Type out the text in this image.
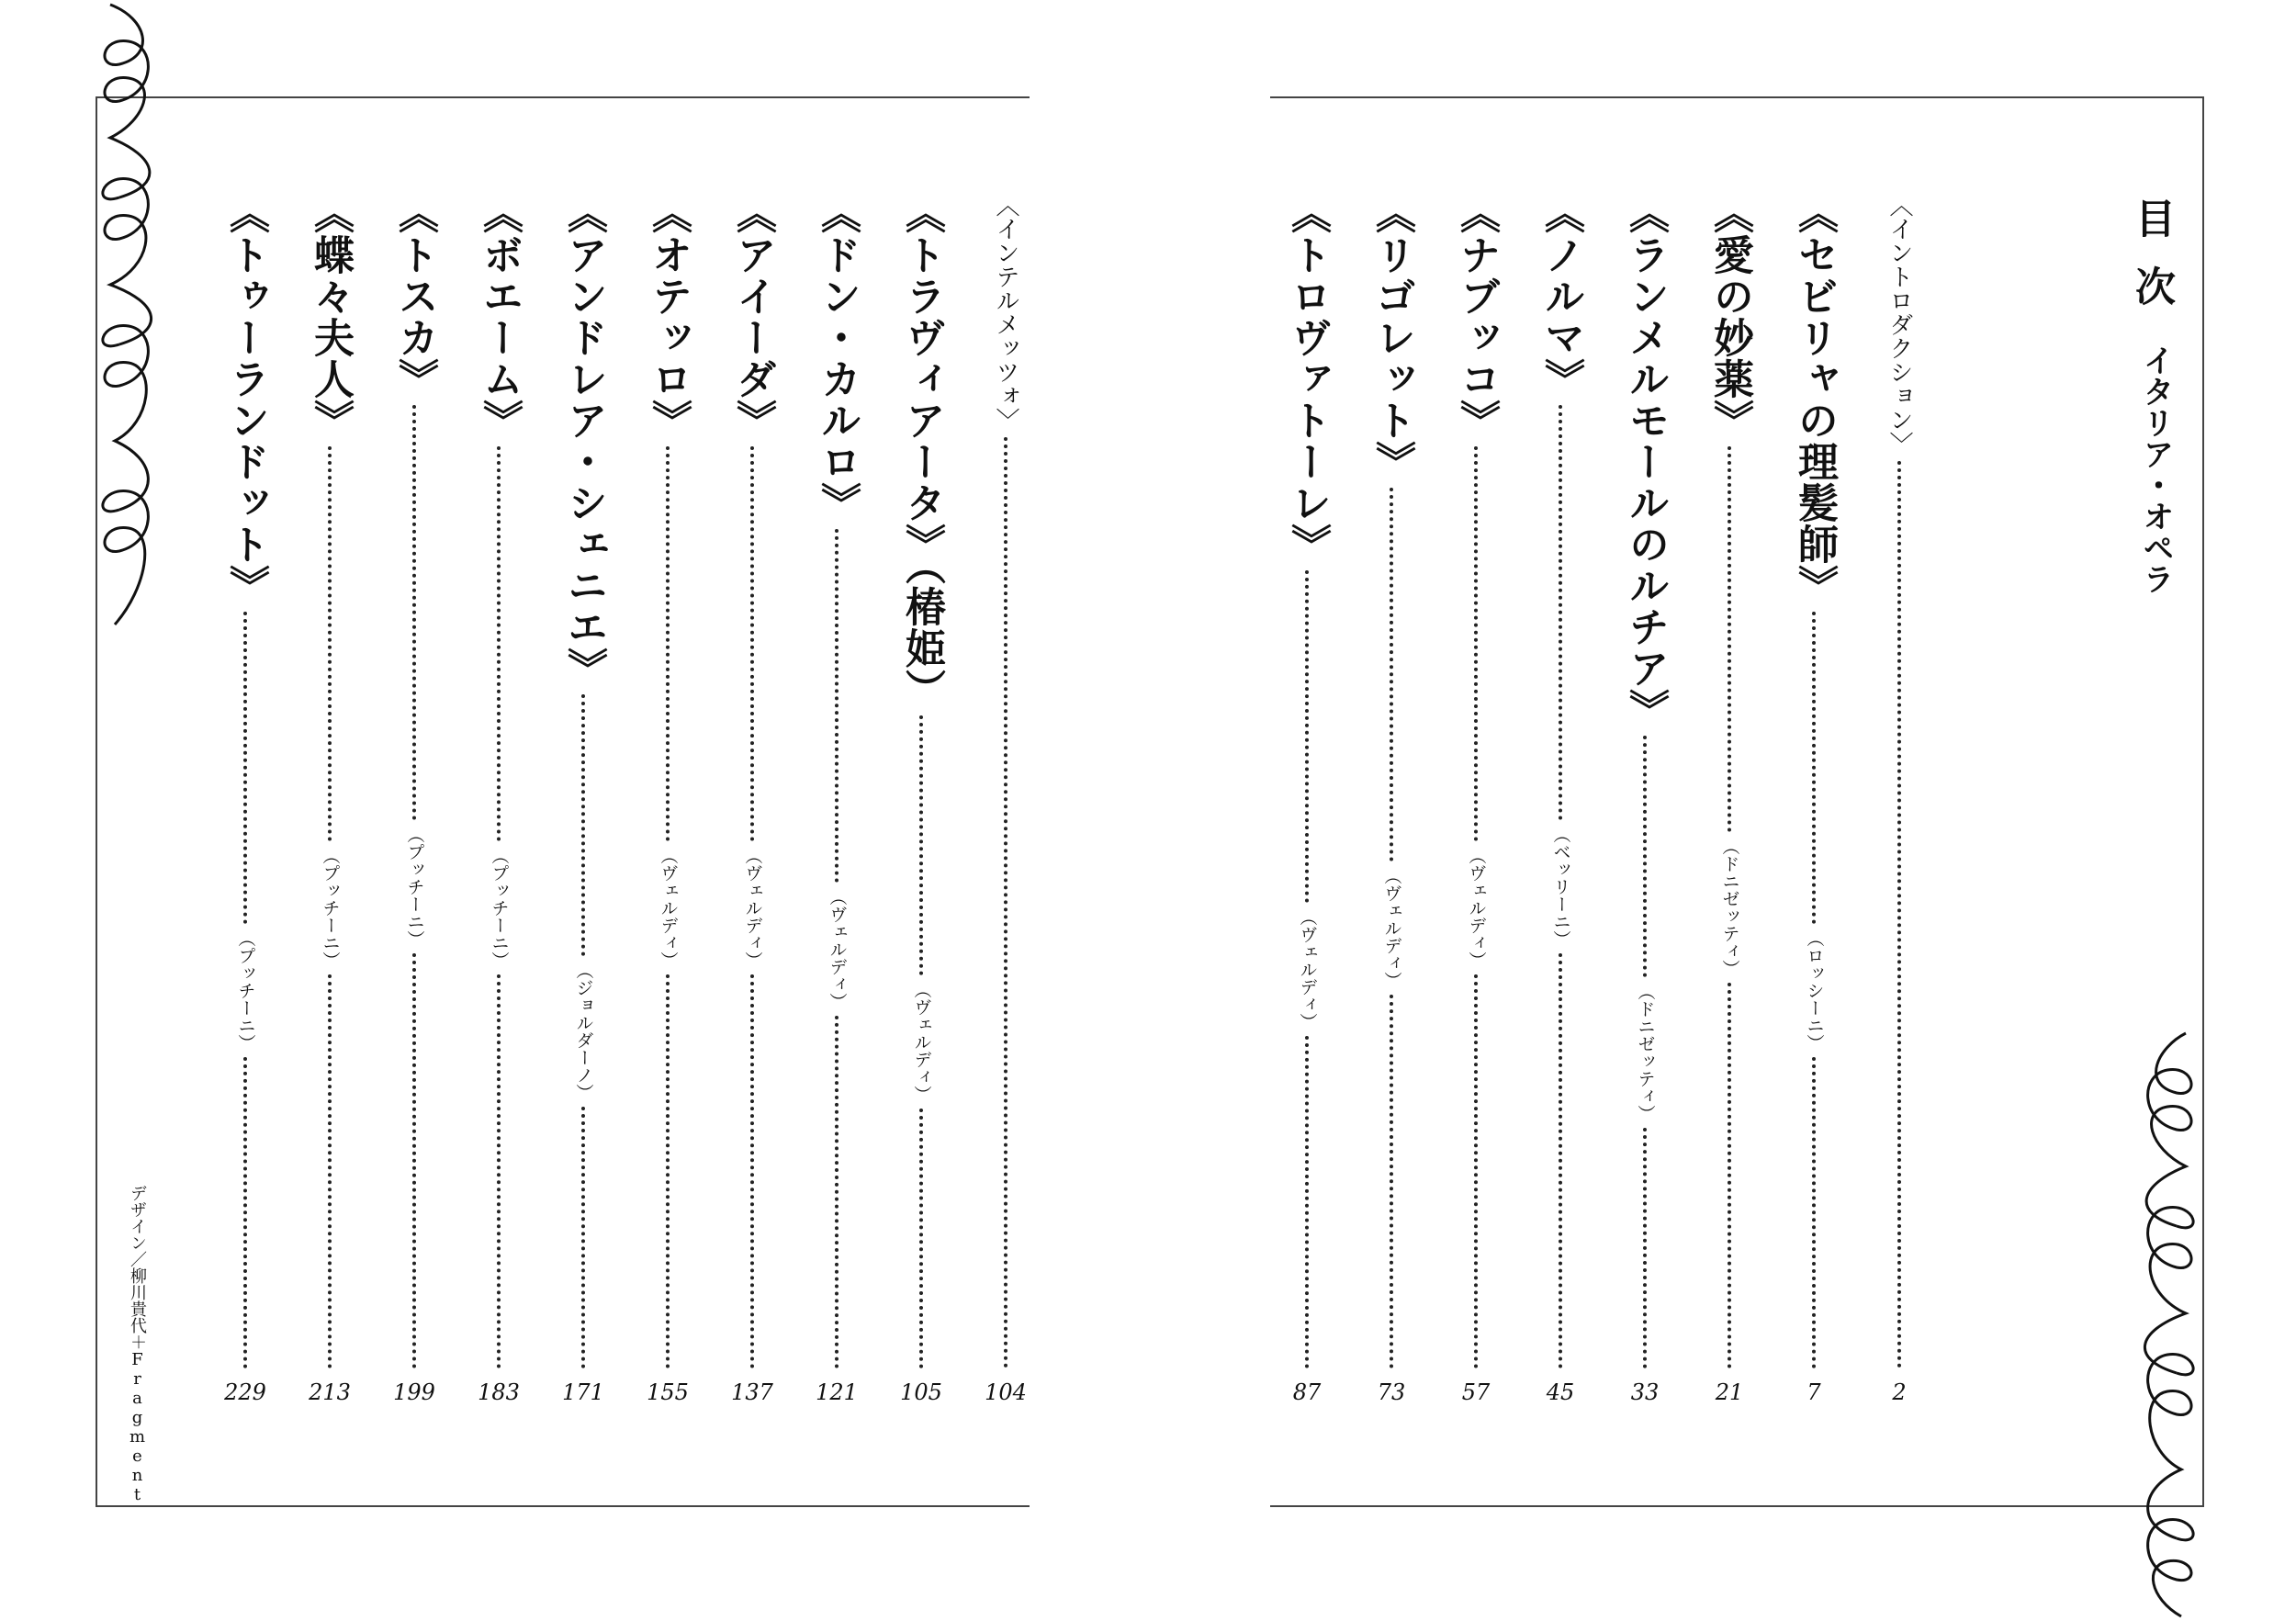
目次
イタリア・オペラ
〈イントロダクション〉
2
《セビリャの理髪師》
（ロッシーニ）
7
《愛の妙薬》
（ドニゼッティ）
21
《ランメルモールのルチア》
（ドニゼッティ）
33
《ノルマ》
（ベッリーニ）
45
《ナブッコ》
（ヴェルディ）
57
《リゴレット》
（ヴェルディ）
73
《トロヴァトーレ》
（ヴェルディ）
87
〈インテルメッツォ〉
104
《トラヴィアータ》（椿姫）
（ヴェルディ）
105
《ドン・カルロ》
（ヴェルディ）
121
《アイーダ》
（ヴェルディ）
137
《オテッロ》
（ヴェルディ）
155
《アンドレア・シェニエ》
（ジョルダーノ）
171
《ボエーム》
（プッチーニ）
183
《トスカ》
（プッチーニ）
199
《蝶々夫人》
（プッチーニ）
213
《トゥーランドット》
（プッチーニ）
229
デザイン／柳川貴代＋Fragment
